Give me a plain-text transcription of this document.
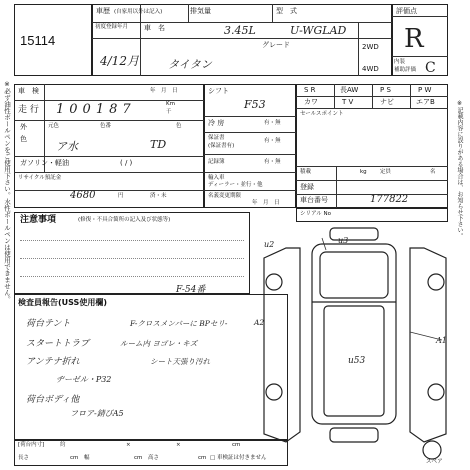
※必ず油性ボールペンをご使用下さい。水性ボールペンは使用できません。	※記載内容に誤りがある場合は、お知らせ下さい。
15114
車歴 (自家用以外は記入)	排気量
3.45L
型　式
U-WGLAD
初度登録年月
4/12月
車　名
タイタン
グレード	2WD
4WD
評価点
R
内装
補助評価 C
車　検	年　月　日
走 行 100187	Km
千
外
色
元色	色番	色
ア水	TD
ガソリン・軽油	( / )
リサイクル預託金
4680	円	済・未
シフト
F53
冷 房	有・無
保証書
(保証書有)
有・無
記録簿	有・無
輸入車
ディーラー・並行・他
名義変更期限
年　月　日
S R	長AW	P S	P W
カワ	T V	ナビ	エアB
セールスポイント
積載	kg 定員	名
登録
車台番号	177822
シリアル No
注意事項	(修復・不具合箇所の記入及び状態等)
F-54番
検査員報告(USS使用欄)
荷台テント
スタートトラブ
アンテナ折れ
ヂーゼル・P32
荷台ボディ他
フロア-錆びA5
F-クロスメンバーに BPセリ-
ルーム内 ヨゴレ・キズ
シート天張り汚れ
A2
[荷台内寸]	約	×	×	cm
長さ	cm 幅	cm 高さ	cm □ 車検証は付きません
u3
u2
u53
A1
スペア
